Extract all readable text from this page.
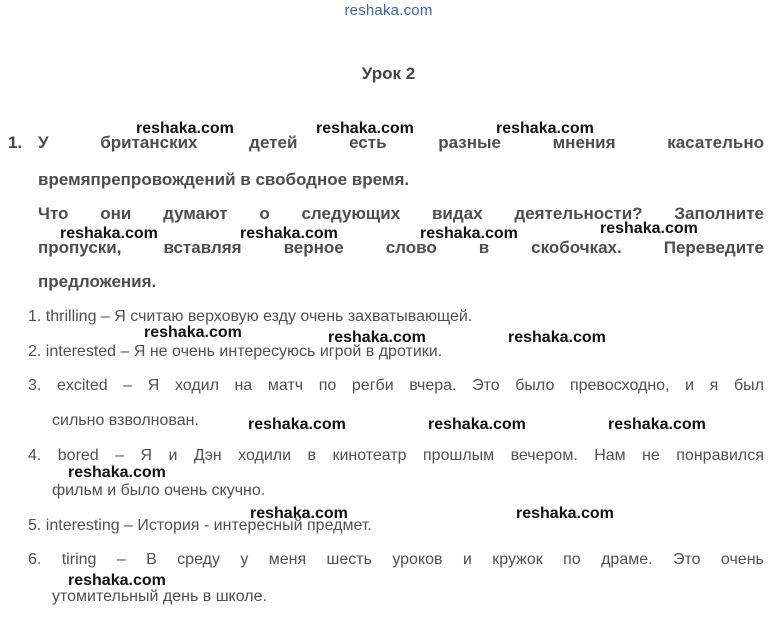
reshaka.com
Урок 2
1. У	британских	детей	есть	разные	мнения	касательно
времяпрепровождений в свободное время.
Что они думают о следующих видах деятельности? Заполните
пропуски, вставляя верное слово в скобочках. Переведите
предложения.
1. thrilling – Я считаю верховую езду очень захватывающей.
2. interested – Я не очень интересуюсь игрой в дротики.
3. excited – Я ходил на матч по регби вчера. Это было превосходно, и я был
сильно взволнован.
4. bored – Я и Дэн ходили в кинотеатр прошлым вечером. Нам не понравился
фильм и было очень скучно.
5. interesting – История - интересный предмет.
6. tiring – В среду у меня шесть уроков и кружок по драме. Это очень
утомительный день в школе.
reshaka.com	reshaka.com	reshaka.com
reshaka.com	reshaka.com	reshaka.com	reshaka.com
reshaka.com	reshaka.com	reshaka.com
reshaka.com	reshaka.com	reshaka.com
reshaka.com
reshaka.com	reshaka.com
reshaka.com
